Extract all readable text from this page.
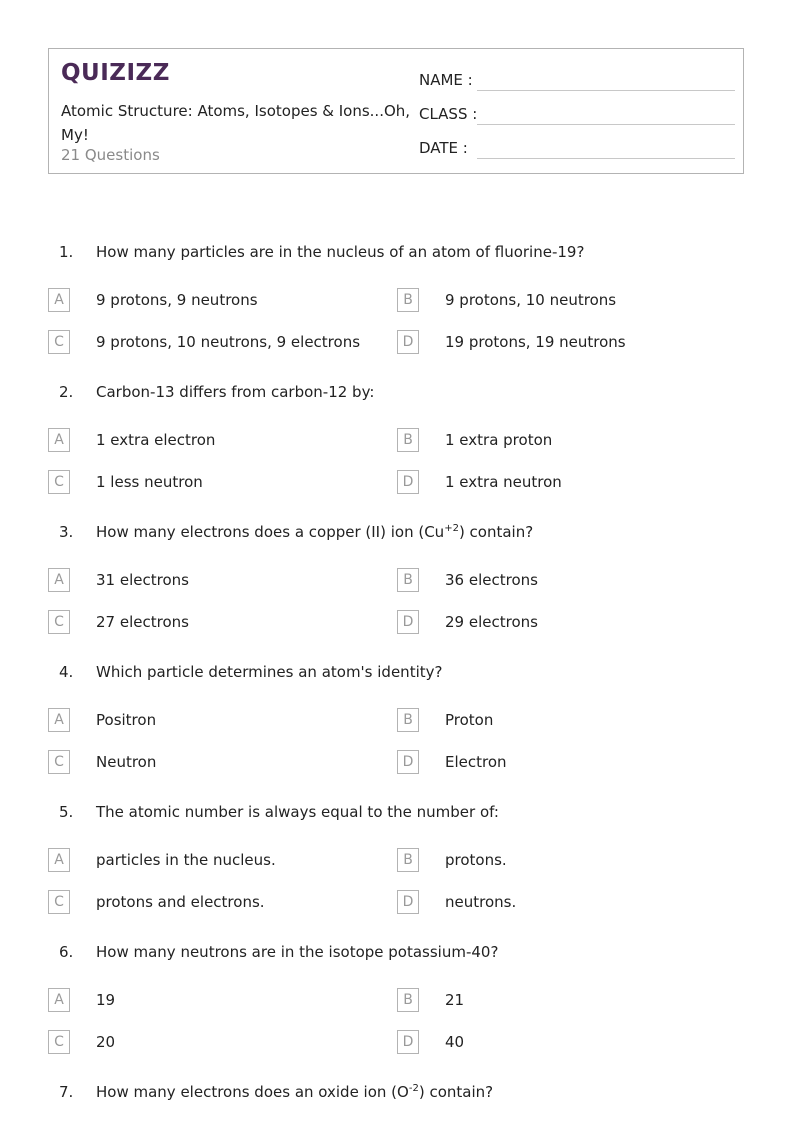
QUIZIZZ
Atomic Structure: Atoms, Isotopes & Ions...Oh, My!
21 Questions
NAME :
CLASS :
DATE :
1. How many particles are in the nucleus of an atom of fluorine-19?
A	9 protons, 9 neutrons	B	9 protons, 10 neutrons
C	9 protons, 10 neutrons, 9 electrons	D	19 protons, 19 neutrons
2. Carbon-13 differs from carbon-12 by:
A	1 extra electron	B	1 extra proton
C	1 less neutron	D	1 extra neutron
3. How many electrons does a copper (II) ion $(Cu^{+2})$ contain?
A	31 electrons	B	36 electrons
C	27 electrons	D	29 electrons
4. Which particle determines an atom's identity?
A	Positron	B	Proton
C	Neutron	D	Electron
5. The atomic number is always equal to the number of:
A	particles in the nucleus.	B	protons.
C	protons and electrons.	D	neutrons.
6. How many neutrons are in the isotope potassium-40?
A	19	B	21
C	20	D	40
7. How many electrons does an oxide ion $(O^{-2})$ contain?
